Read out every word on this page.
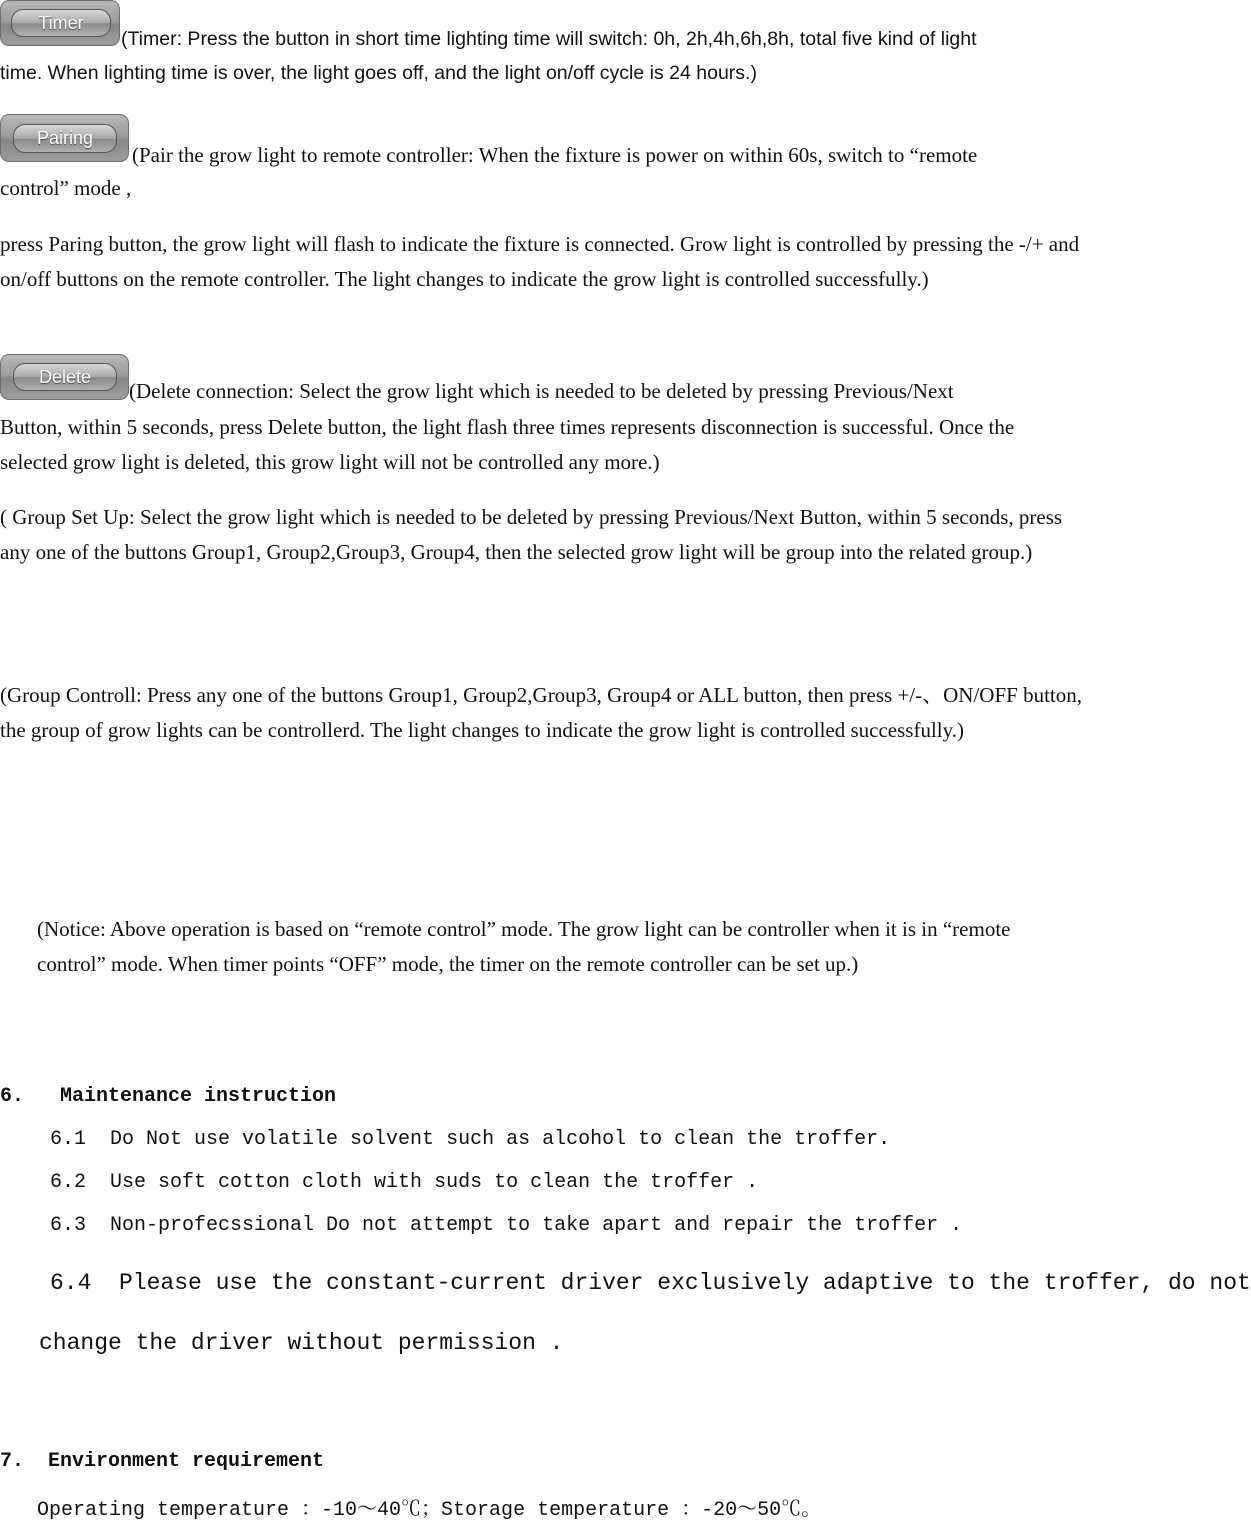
Timer
(Timer: Press the button in short time lighting time will switch: 0h, 2h,4h,6h,8h, total five kind of light
time. When lighting time is over, the light goes off, and the light on/off cycle is 24 hours.)
Pairing
(Pair the grow light to remote controller: When the fixture is power on within 60s, switch to “remote
control” mode ,
press Paring button, the grow light will flash to indicate the fixture is connected. Grow light is controlled by pressing the -/+ and on/off buttons on the remote controller. The light changes to indicate the grow light is controlled successfully.)
Delete
(Delete connection: Select the grow light which is needed to be deleted by pressing Previous/Next
Button, within 5 seconds, press Delete button, the light flash three times represents disconnection is successful. Once the selected grow light is deleted, this grow light will not be controlled any more.)
( Group Set Up: Select the grow light which is needed to be deleted by pressing Previous/Next Button, within 5 seconds, press any one of the buttons Group1, Group2,Group3, Group4, then the selected grow light will be group into the related group.)
(Group Controll: Press any one of the buttons Group1, Group2,Group3, Group4 or ALL button, then press +/-、ON/OFF button, the group of grow lights can be controllerd. The light changes to indicate the grow light is controlled successfully.)
(Notice: Above operation is based on “remote control” mode. The grow light can be controller when it is in “remote control” mode. When timer points “OFF” mode, the timer on the remote controller can be set up.)
6.   Maintenance instruction
6.1  Do Not use volatile solvent such as alcohol to clean the troffer.
6.2  Use soft cotton cloth with suds to clean the troffer .
6.3  Non-profecssional Do not attempt to take apart and repair the troffer .
6.4  Please use the constant-current driver exclusively adaptive to the troffer, do not
change the driver without permission .
7.  Environment requirement
Operating temperature ：-10～40℃；Storage temperature ：-20～50℃。
